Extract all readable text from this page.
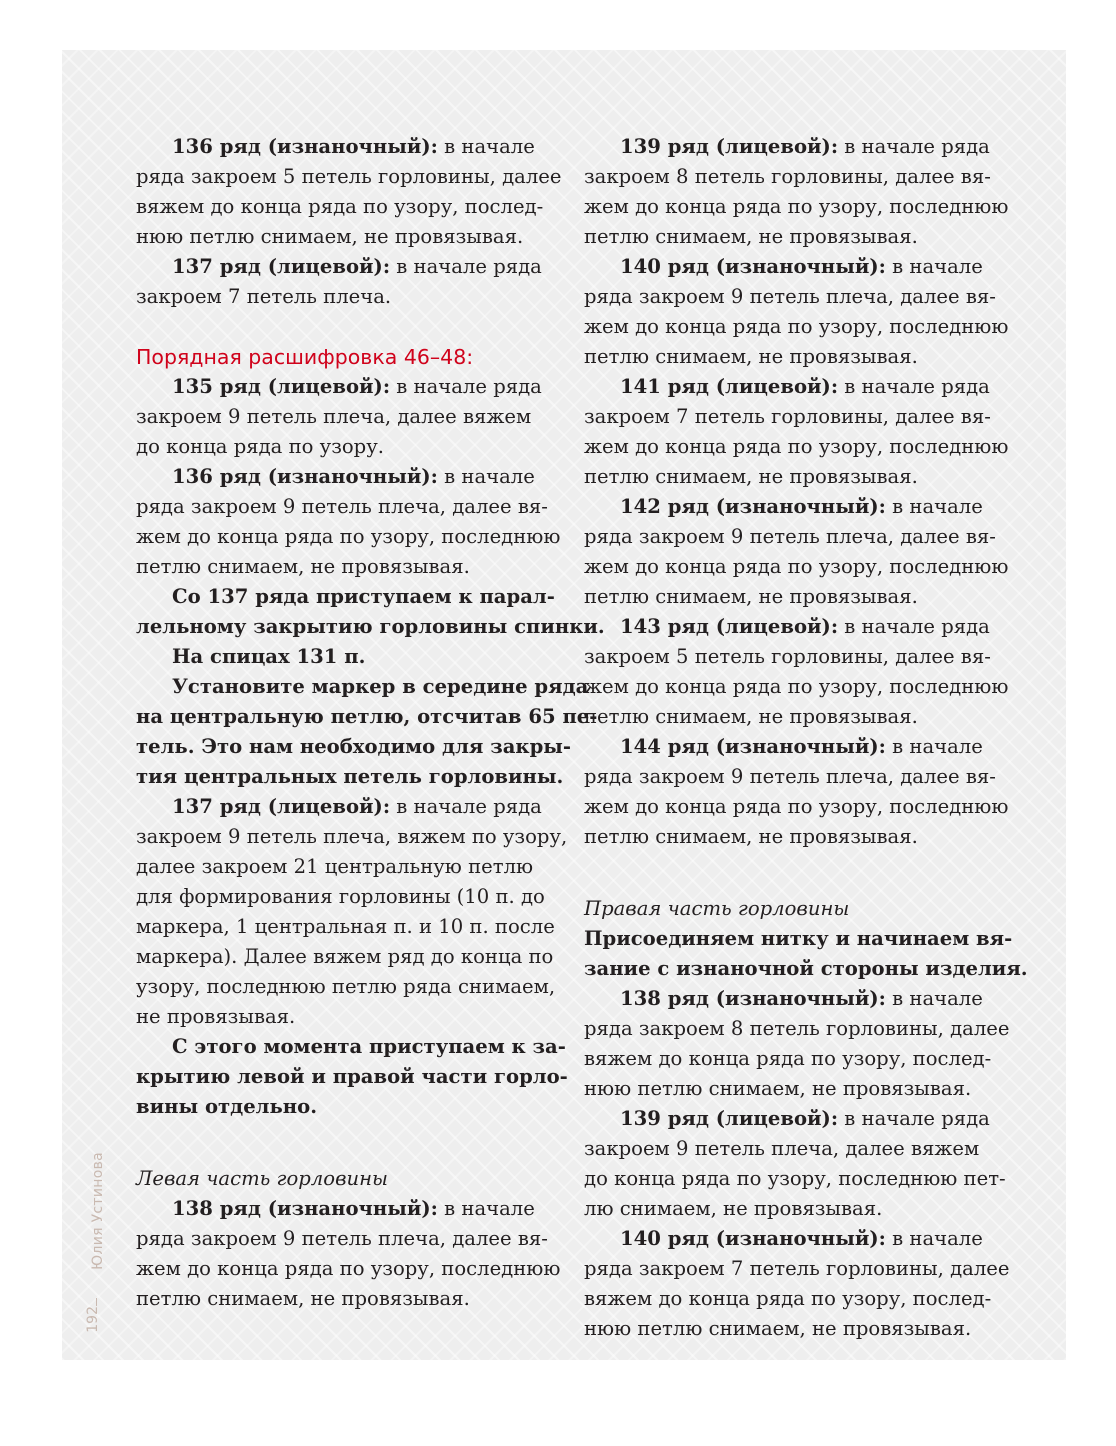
Юлия Устинова
192
136 ряд (изнаночный): в начале
ряда закроем 5 петель горловины, далее
вяжем до конца ряда по узору, послед-
нюю петлю снимаем, не провязывая.
137 ряд (лицевой): в начале ряда
закроем 7 петель плеча.
Порядная расшифровка 46–48:
135 ряд (лицевой): в начале ряда
закроем 9 петель плеча, далее вяжем
до конца ряда по узору.
136 ряд (изнаночный): в начале
ряда закроем 9 петель плеча, далее вя-
жем до конца ряда по узору, последнюю
петлю снимаем, не провязывая.
Со 137 ряда приступаем к парал-
лельному закрытию горловины спинки.
На спицах 131 п.
Установите маркер в середине ряда
на центральную петлю, отсчитав 65 пе-
тель. Это нам необходимо для закры-
тия центральных петель горловины.
137 ряд (лицевой): в начале ряда
закроем 9 петель плеча, вяжем по узору,
далее закроем 21 центральную петлю
для формирования горловины (10 п. до
маркера, 1 центральная п. и 10 п. после
маркера). Далее вяжем ряд до конца по
узору, последнюю петлю ряда снимаем,
не провязывая.
С этого момента приступаем к за-
крытию левой и правой части горло-
вины отдельно.
Левая часть горловины
138 ряд (изнаночный): в начале
ряда закроем 9 петель плеча, далее вя-
жем до конца ряда по узору, последнюю
петлю снимаем, не провязывая.
139 ряд (лицевой): в начале ряда
закроем 8 петель горловины, далее вя-
жем до конца ряда по узору, последнюю
петлю снимаем, не провязывая.
140 ряд (изнаночный): в начале
ряда закроем 9 петель плеча, далее вя-
жем до конца ряда по узору, последнюю
петлю снимаем, не провязывая.
141 ряд (лицевой): в начале ряда
закроем 7 петель горловины, далее вя-
жем до конца ряда по узору, последнюю
петлю снимаем, не провязывая.
142 ряд (изнаночный): в начале
ряда закроем 9 петель плеча, далее вя-
жем до конца ряда по узору, последнюю
петлю снимаем, не провязывая.
143 ряд (лицевой): в начале ряда
закроем 5 петель горловины, далее вя-
жем до конца ряда по узору, последнюю
петлю снимаем, не провязывая.
144 ряд (изнаночный): в начале
ряда закроем 9 петель плеча, далее вя-
жем до конца ряда по узору, последнюю
петлю снимаем, не провязывая.
Правая часть горловины
Присоединяем нитку и начинаем вя-
зание с изнаночной стороны изделия.
138 ряд (изнаночный): в начале
ряда закроем 8 петель горловины, далее
вяжем до конца ряда по узору, послед-
нюю петлю снимаем, не провязывая.
139 ряд (лицевой): в начале ряда
закроем 9 петель плеча, далее вяжем
до конца ряда по узору, последнюю пет-
лю снимаем, не провязывая.
140 ряд (изнаночный): в начале
ряда закроем 7 петель горловины, далее
вяжем до конца ряда по узору, послед-
нюю петлю снимаем, не провязывая.
